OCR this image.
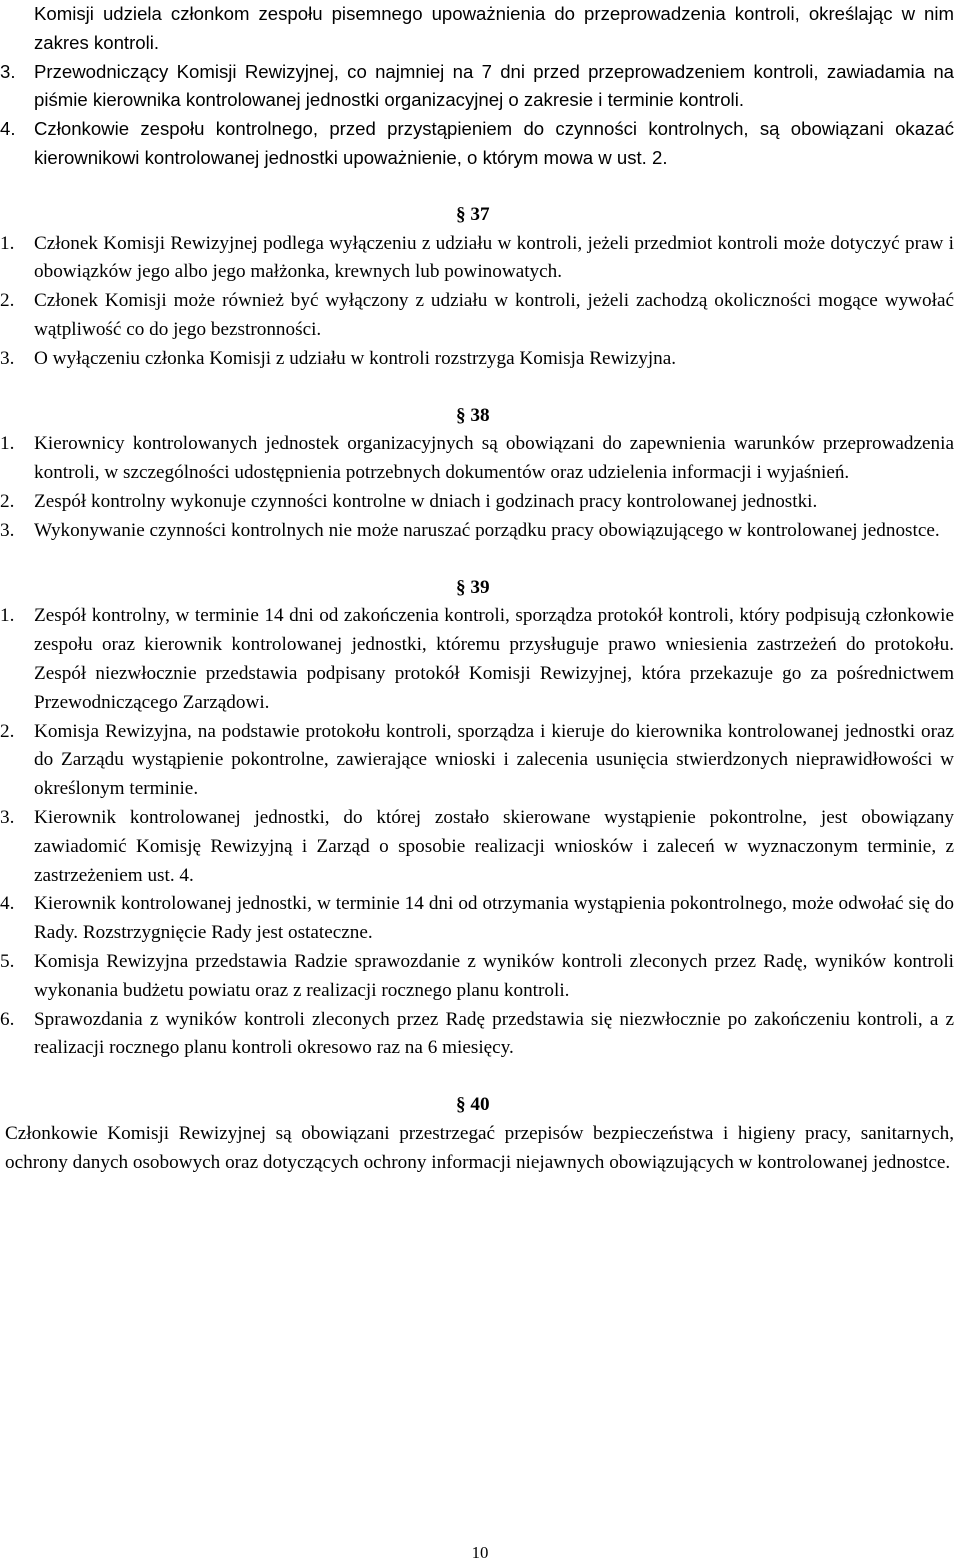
Komisji udziela członkom zespołu pisemnego upoważnienia do przeprowadzenia kontroli, określając w nim zakres kontroli.

3. Przewodniczący Komisji Rewizyjnej, co najmniej na 7 dni przed przeprowadzeniem kontroli, zawiadamia na piśmie kierownika kontrolowanej jednostki organizacyjnej o zakresie i terminie kontroli.

4. Członkowie zespołu kontrolnego, przed przystąpieniem do czynności kontrolnych, są obowiązani okazać kierownikowi kontrolowanej jednostki upoważnienie, o którym mowa w ust. 2.

§ 37
1.	Członek Komisji Rewizyjnej podlega wyłączeniu z udziału w kontroli, jeżeli przedmiot kontroli może dotyczyć praw i obowiązków jego albo jego małżonka, krewnych lub powinowatych.

2.	Członek Komisji może również być wyłączony z udziału w kontroli, jeżeli zachodzą okoliczności mogące wywołać wątpliwość co do jego bezstronności.

3.	O wyłączeniu członka Komisji z udziału w kontroli rozstrzyga Komisja Rewizyjna.

§ 38
1.	Kierownicy kontrolowanych jednostek organizacyjnych są obowiązani do zapewnienia warunków przeprowadzenia kontroli, w szczególności udostępnienia potrzebnych dokumentów oraz udzielenia informacji i wyjaśnień.

2.	Zespół kontrolny wykonuje czynności kontrolne w dniach i godzinach pracy kontrolowanej jednostki.

3.	Wykonywanie czynności kontrolnych nie może naruszać porządku pracy obowiązującego w kontrolowanej jednostce.

§ 39
1.	Zespół kontrolny, w terminie 14 dni od zakończenia kontroli, sporządza protokół kontroli, który podpisują członkowie zespołu oraz kierownik kontrolowanej jednostki, któremu przysługuje prawo wniesienia zastrzeżeń do protokołu. Zespół niezwłocznie przedstawia podpisany protokół Komisji Rewizyjnej, która przekazuje go za pośrednictwem Przewodniczącego Zarządowi.

2.	Komisja Rewizyjna, na podstawie protokołu kontroli, sporządza i kieruje do kierownika kontrolowanej jednostki oraz do Zarządu wystąpienie pokontrolne, zawierające wnioski i zalecenia usunięcia stwierdzonych nieprawidłowości w określonym terminie.

3.	Kierownik kontrolowanej jednostki, do której zostało skierowane wystąpienie pokontrolne, jest obowiązany zawiadomić Komisję Rewizyjną i Zarząd o sposobie realizacji wniosków i zaleceń w wyznaczonym terminie, z zastrzeżeniem ust. 4.

4.	Kierownik kontrolowanej jednostki, w terminie 14 dni od otrzymania wystąpienia pokontrolnego, może odwołać się do Rady. Rozstrzygnięcie Rady jest ostateczne.

5.	Komisja Rewizyjna przedstawia Radzie sprawozdanie z wyników kontroli zleconych przez Radę, wyników kontroli wykonania budżetu powiatu oraz z realizacji rocznego planu kontroli.

6.	Sprawozdania z wyników kontroli zleconych przez Radę przedstawia się niezwłocznie po zakończeniu kontroli, a z realizacji rocznego planu kontroli okresowo raz na 6 miesięcy.

§ 40

Członkowie Komisji Rewizyjnej są obowiązani przestrzegać przepisów bezpieczeństwa i higieny pracy, sanitarnych, ochrony danych osobowych oraz dotyczących ochrony informacji niejawnych obowiązujących w kontrolowanej jednostce.

10
